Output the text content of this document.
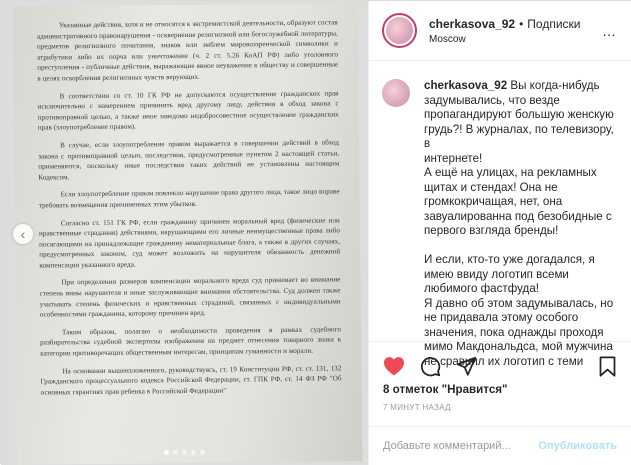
Указанные действия, хотя и не относятся к экстремистской деятельности, образуют состав административного правонарушения - осквернение религиозной или богослужебной литературы, предметов религиозного почитания, знаков или эмблем мировоззренческой символики и атрибутики либо их порча или уничтожение (ч. 2 ст. 5.26 КоАП РФ) либо уголовного преступления - публичные действия, выражающие явное неуважение к обществу и совершенные в целях оскорбления религиозных чувств верующих.

В соответствии со ст. 10 ГК РФ не допускаются осуществление гражданских прав исключительно с намерением причинить вред другому лицу, действия в обход закона с противоправной целью, а также иное заведомо недобросовестное осуществление гражданских прав (злоупотребление правом).

В случае, если злоупотребление правом выражается в совершении действий в обход закона с противоправной целью, последствия, предусмотренные пунктом 2 настоящей статьи, применяются, поскольку иные последствия таких действий не установлены настоящим Кодексом.

Если злоупотребление правом повлекло нарушение права другого лица, такое лицо вправе требовать возмещения причиненных этим убытков.

Согласно ст. 151 ГК РФ, если гражданину причинен моральный вред (физические или нравственные страдания) действиями, нарушающими его личные неимущественные права либо посягающими на принадлежащие гражданину нематериальные блага, а также в других случаях, предусмотренных законом, суд может возложить на нарушителя обязанность денежной компенсации указанного вреда.

При определении размеров компенсации морального вреда суд принимает во внимание степень вины нарушителя и иные заслуживающие внимания обстоятельства. Суд должен также учитывать степень физических и нравственных страданий, связанных с индивидуальными особенностями гражданина, которому причинен вред.

Таким образом, полагаю о необходимости проведения в рамках судебного разбирательства судебной экспертизы изображения на предмет отнесения товарного знака к категории противоречащих общественным интересам, принципам гуманности и морали.

На основании вышеизложенного, руководствуясь, ст. 19 Конституции РФ, ст. ст. 131, 132 Гражданского процессуального кодекса Российской Федерации, ст. ГПК РФ, ст. 14 ФЗ РФ "Об основных гарантиях прав ребенка в Российской Федерации"

‹
cherkasova_92 • Подписки
Moscow	…
cherkasova_92 Вы когда-нибудь
задумывались, что везде
пропагандируют большую женскую
грудь?! В журналах, по телевизору, в
интернете!
А ещё на улицах, на рекламных
щитах и стендах! Она не
громкокричащая, нет, она
завуалированна под безобидные с
первого взгляда бренды!

И если, кто-то уже догадался, я
имею ввиду логотип всеми
любимого фастфуда!
Я давно об этом задумывалась, но
не придавала этому особого
значения, пока однажды проходя
мимо Макдональдса, мой мужчина
не сравнил их логотип с теми
8 отметок "Нравится"
7 МИНУТ НАЗАД
Добавьте комментарий...
Опубликовать
